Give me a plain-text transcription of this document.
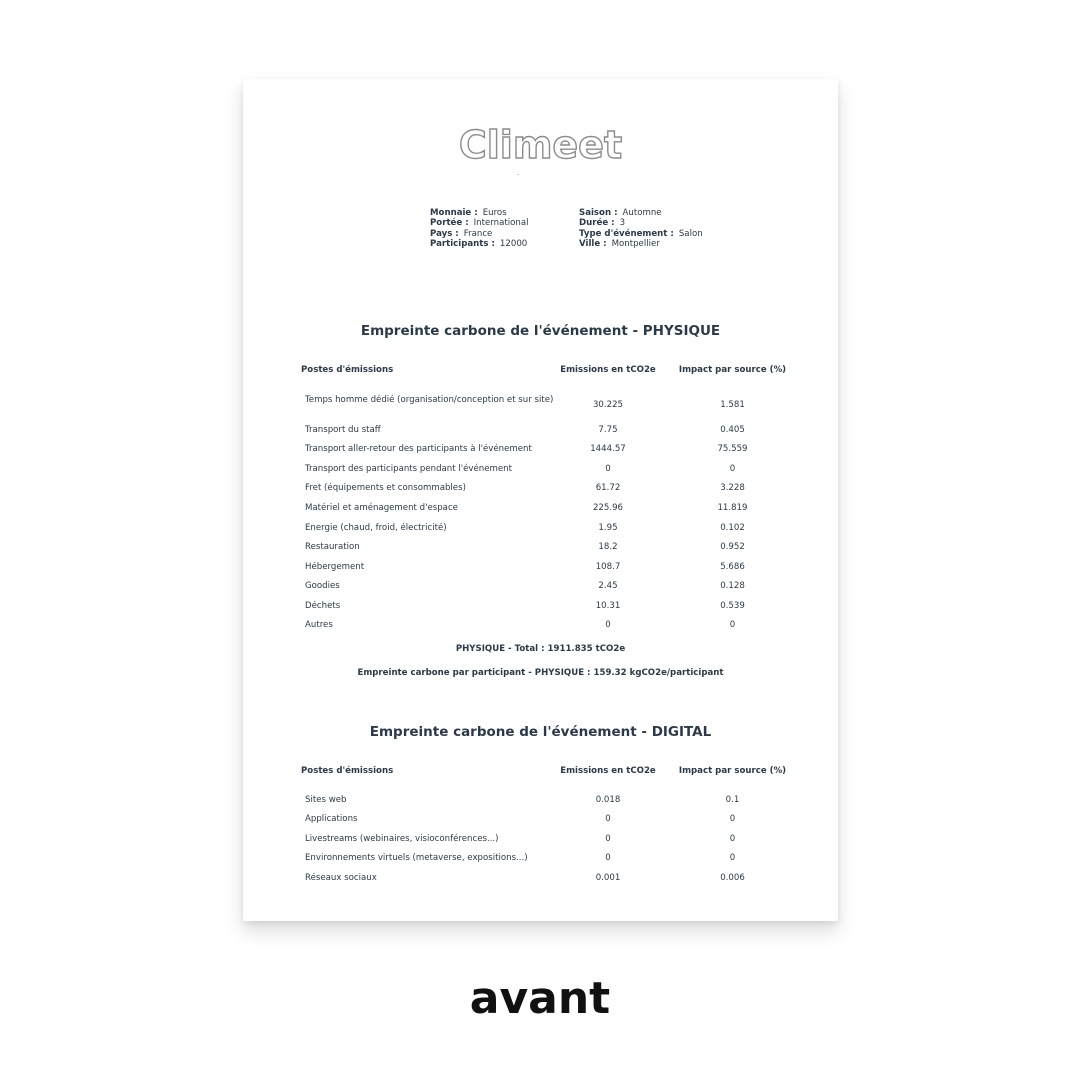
Climeet
Monnaie : Euros
Portée : International
Pays : France
Participants : 12000
Saison : Automne
Durée : 3
Type d'événement : Salon
Ville : Montpellier
Empreinte carbone de l'événement - PHYSIQUE
Postes d'émissions	Emissions en tCO2e	Impact par source (%)
Temps homme dédié (organisation/conception et sur site)	30.225	1.581
Transport du staff	7.75	0.405
Transport aller-retour des participants à l'événement	1444.57	75.559
Transport des participants pendant l'événement	0	0
Fret (équipements et consommables)	61.72	3.228
Matériel et aménagement d'espace	225.96	11.819
Energie (chaud, froid, électricité)	1.95	0.102
Restauration	18.2	0.952
Hébergement	108.7	5.686
Goodies	2.45	0.128
Déchets	10.31	0.539
Autres	0	0
PHYSIQUE - Total : 1911.835 tCO2e
Empreinte carbone par participant - PHYSIQUE : 159.32 kgCO2e/participant
Empreinte carbone de l'événement - DIGITAL
Postes d'émissions	Emissions en tCO2e	Impact par source (%)
Sites web	0.018	0.1
Applications	0	0
Livestreams (webinaires, visioconférences...)	0	0
Environnements virtuels (metaverse, expositions...)	0	0
Réseaux sociaux	0.001	0.006
avant
